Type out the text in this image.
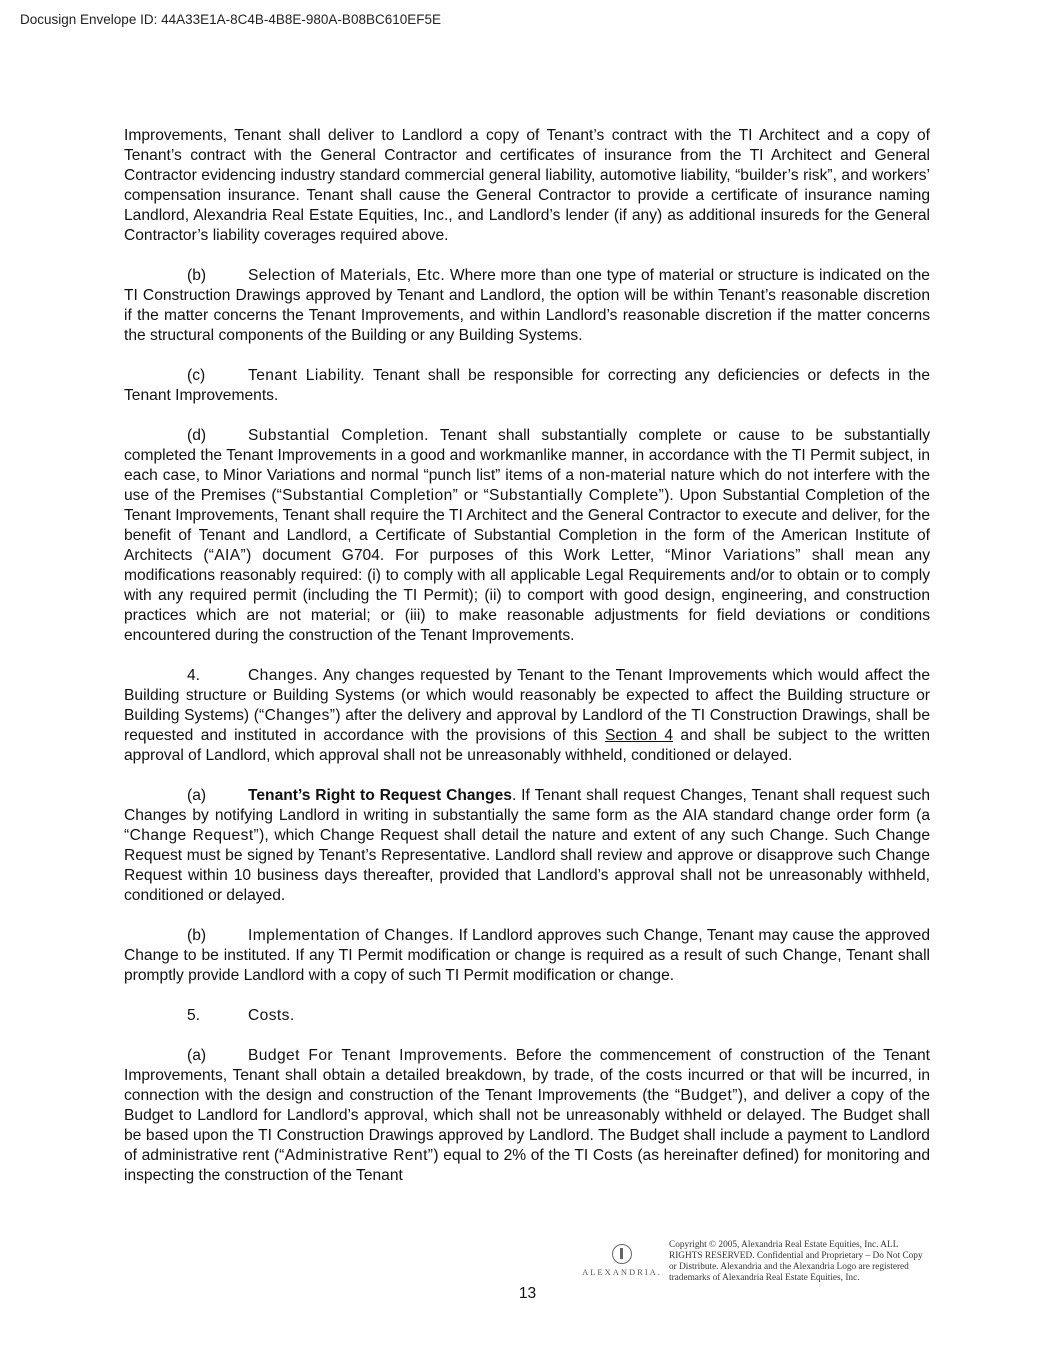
Docusign Envelope ID: 44A33E1A-8C4B-4B8E-980A-B08BC610EF5E

Improvements, Tenant shall deliver to Landlord a copy of Tenant’s contract with the TI Architect and a copy of Tenant’s contract with the General Contractor and certificates of insurance from the TI Architect and General Contractor evidencing industry standard commercial general liability, automotive liability, “builder’s risk”, and workers’ compensation insurance. Tenant shall cause the General Contractor to provide a certificate of insurance naming Landlord, Alexandria Real Estate Equities, Inc., and Landlord’s lender (if any) as additional insureds for the General Contractor’s liability coverages required above.

(b)	Selection of Materials, Etc. Where more than one type of material or structure is indicated on the TI Construction Drawings approved by Tenant and Landlord, the option will be within Tenant’s reasonable discretion if the matter concerns the Tenant Improvements, and within Landlord’s reasonable discretion if the matter concerns the structural components of the Building or any Building Systems.

(c)	Tenant Liability. Tenant shall be responsible for correcting any deficiencies or defects in the Tenant Improvements.

(d)	Substantial Completion. Tenant shall substantially complete or cause to be substantially completed the Tenant Improvements in a good and workmanlike manner, in accordance with the TI Permit subject, in each case, to Minor Variations and normal “punch list” items of a non-material nature which do not interfere with the use of the Premises (“Substantial Completion” or “Substantially Complete”). Upon Substantial Completion of the Tenant Improvements, Tenant shall require the TI Architect and the General Contractor to execute and deliver, for the benefit of Tenant and Landlord, a Certificate of Substantial Completion in the form of the American Institute of Architects (“AIA”) document G704. For purposes of this Work Letter, “Minor Variations” shall mean any modifications reasonably required: (i) to comply with all applicable Legal Requirements and/or to obtain or to comply with any required permit (including the TI Permit); (ii) to comport with good design, engineering, and construction practices which are not material; or (iii) to make reasonable adjustments for field deviations or conditions encountered during the construction of the Tenant Improvements.

4.	Changes. Any changes requested by Tenant to the Tenant Improvements which would affect the Building structure or Building Systems (or which would reasonably be expected to affect the Building structure or Building Systems) (“Changes”) after the delivery and approval by Landlord of the TI Construction Drawings, shall be requested and instituted in accordance with the provisions of this Section 4 and shall be subject to the written approval of Landlord, which approval shall not be unreasonably withheld, conditioned or delayed.

(a)	Tenant’s Right to Request Changes. If Tenant shall request Changes, Tenant shall request such Changes by notifying Landlord in writing in substantially the same form as the AIA standard change order form (a “Change Request”), which Change Request shall detail the nature and extent of any such Change. Such Change Request must be signed by Tenant’s Representative. Landlord shall review and approve or disapprove such Change Request within 10 business days thereafter, provided that Landlord’s approval shall not be unreasonably withheld, conditioned or delayed.

(b)	Implementation of Changes. If Landlord approves such Change, Tenant may cause the approved Change to be instituted. If any TI Permit modification or change is required as a result of such Change, Tenant shall promptly provide Landlord with a copy of such TI Permit modification or change.

5.	Costs.

(a)	Budget For Tenant Improvements. Before the commencement of construction of the Tenant Improvements, Tenant shall obtain a detailed breakdown, by trade, of the costs incurred or that will be incurred, in connection with the design and construction of the Tenant Improvements (the “Budget”), and deliver a copy of the Budget to Landlord for Landlord’s approval, which shall not be unreasonably withheld or delayed. The Budget shall be based upon the TI Construction Drawings approved by Landlord. The Budget shall include a payment to Landlord of administrative rent (“Administrative Rent”) equal to 2% of the TI Costs (as hereinafter defined) for monitoring and inspecting the construction of the Tenant

ALEXANDRIA.
Copyright © 2005, Alexandria Real Estate Equities, Inc. ALL RIGHTS RESERVED. Confidential and Proprietary – Do Not Copy or Distribute. Alexandria and the Alexandria Logo are registered trademarks of Alexandria Real Estate Equities, Inc.
13
